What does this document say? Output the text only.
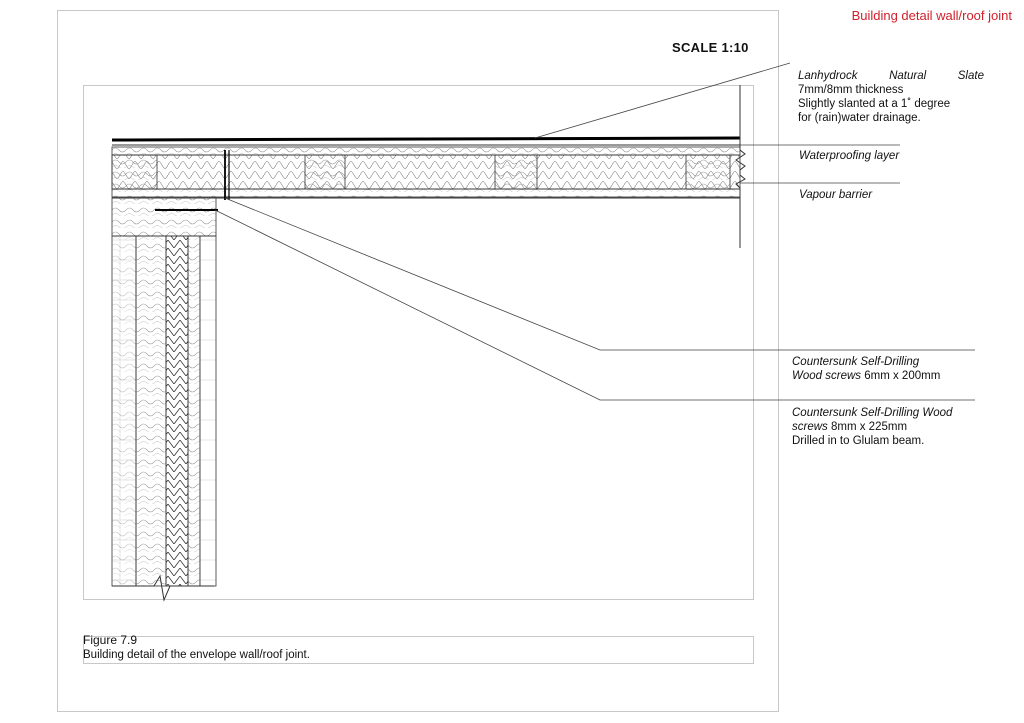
Building detail wall/roof joint
SCALE 1:10
Lanhydrock	Natural	Slate
7mm/8mm thickness
Slightly slanted at a 1˚ degree
for (rain)water drainage.
Waterproofing layer
Vapour barrier
Countersunk Self-Drilling
Wood screws 6mm x 200mm
Countersunk Self-Drilling Wood
screws 8mm x 225mm
Drilled in to Glulam beam.
Figure 7.9
Building detail of the envelope wall/roof joint.
